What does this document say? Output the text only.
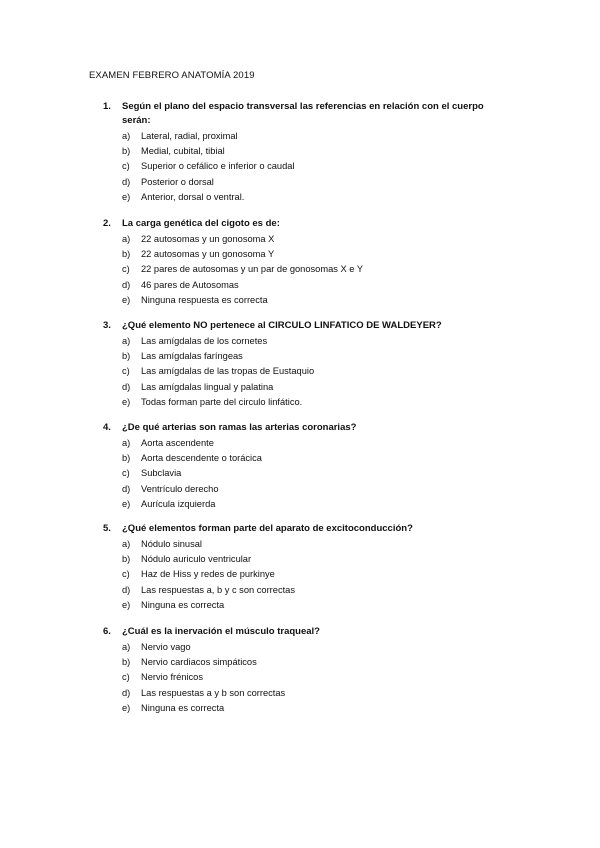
EXAMEN FEBRERO ANATOMÍA 2019
1.	Según el plano del espacio transversal las referencias en relación con el cuerpo serán:
a)	Lateral, radial, proximal
b)	Medial, cubital, tibial
c)	Superior o cefálico e inferior o caudal
d)	Posterior o dorsal
e)	Anterior, dorsal o ventral.
2.	La carga genética del cigoto es de:
a)	22 autosomas y un gonosoma X
b)	22 autosomas y un gonosoma Y
c)	22 pares de autosomas y un par de gonosomas X e Y
d)	46 pares de Autosomas
e)	Ninguna respuesta es correcta
3.	¿Qué elemento NO pertenece al CIRCULO LINFATICO DE WALDEYER?
a)	Las amígdalas de los cornetes
b)	Las amígdalas faríngeas
c)	Las amígdalas de las tropas de Eustaquio
d)	Las amígdalas lingual y palatina
e)	Todas forman parte del circulo linfático.
4.	¿De qué arterias son ramas las arterias coronarias?
a)	Aorta ascendente
b)	Aorta descendente o torácica
c)	Subclavia
d)	Ventrículo derecho
e)	Aurícula izquierda
5.	¿Qué elementos forman parte del aparato de excitoconducción?
a)	Nódulo sinusal
b)	Nódulo auriculo ventricular
c)	Haz de Hiss y redes de purkinye
d)	Las respuestas a, b y c son correctas
e)	Ninguna es correcta
6.	¿Cuál es la inervación el músculo traqueal?
a)	Nervio vago
b)	Nervio cardiacos simpáticos
c)	Nervio frénicos
d)	Las respuestas a y b son correctas
e)	Ninguna es correcta
